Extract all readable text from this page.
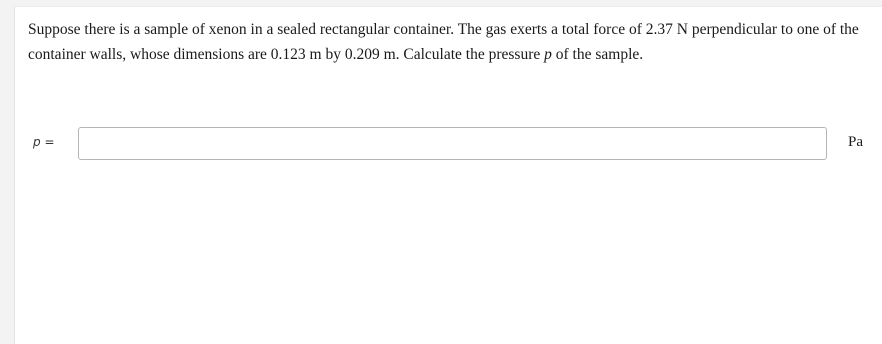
Suppose there is a sample of xenon in a sealed rectangular container. The gas exerts a total force of 2.37 N perpendicular to one of the container walls, whose dimensions are 0.123 m by 0.209 m. Calculate the pressure p of the sample.

p =	Pa
